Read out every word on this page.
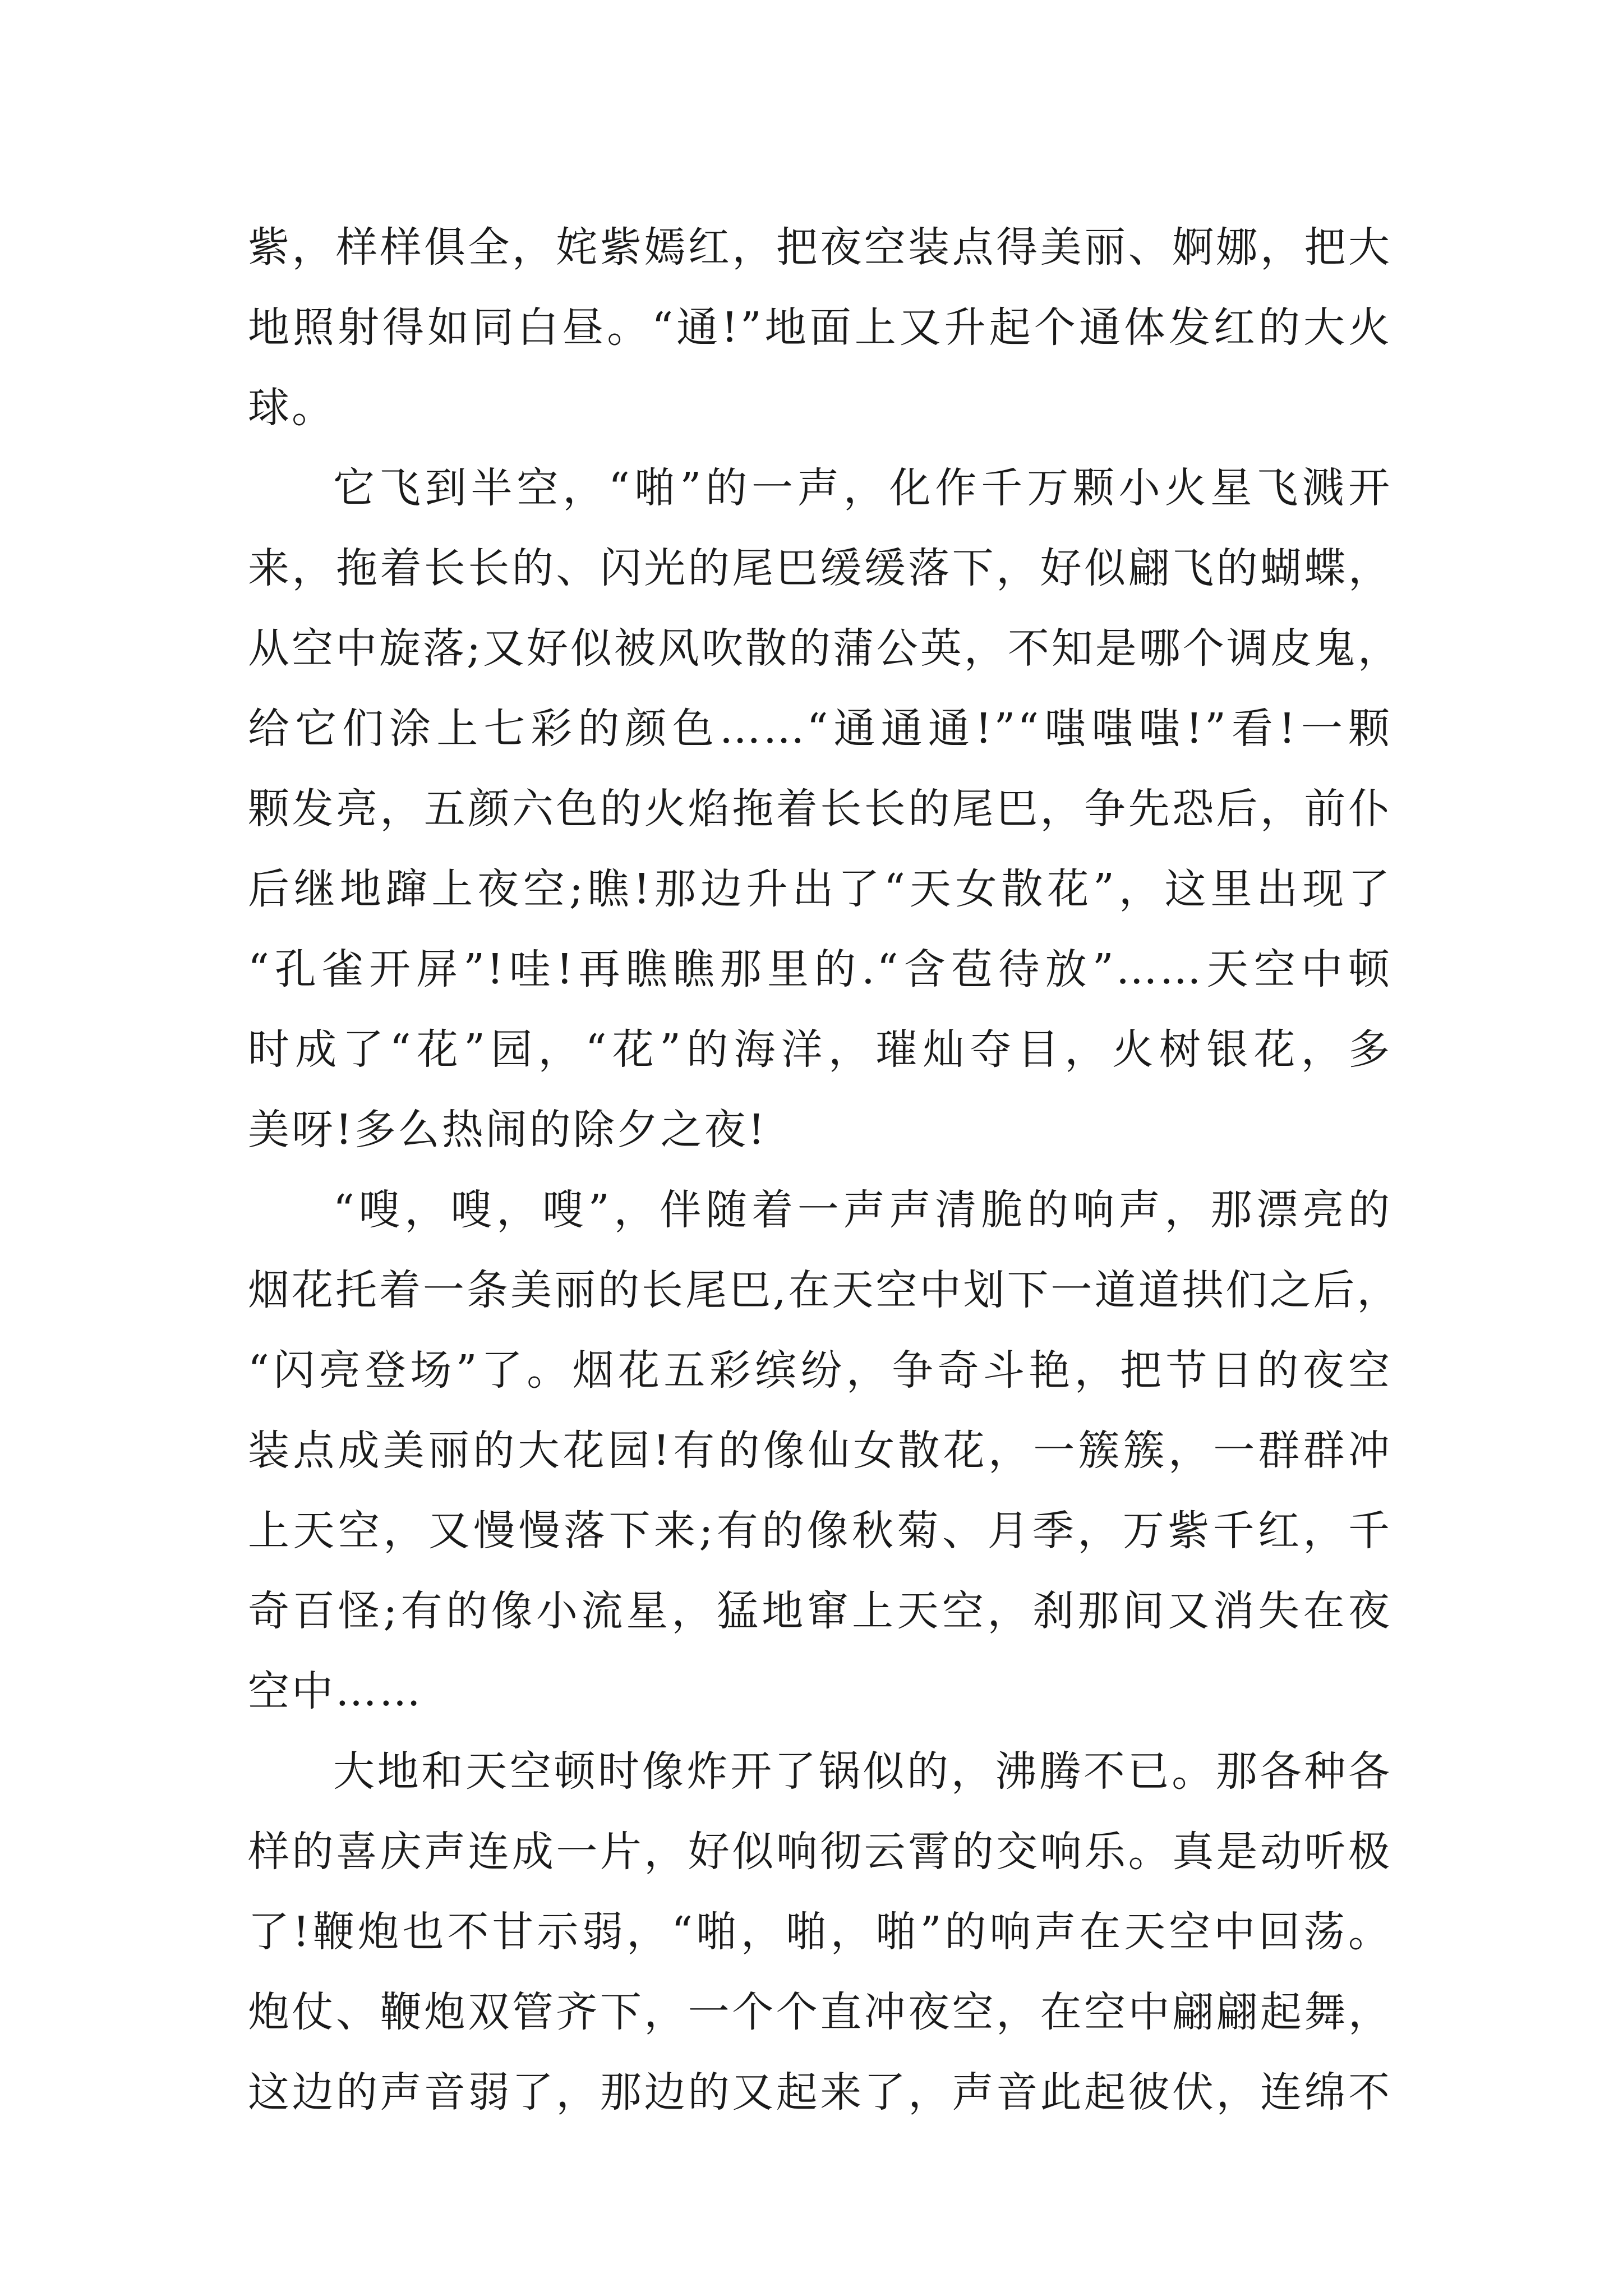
紫，样样俱全，姹紫嫣红，把夜空装点得美丽、婀娜，把大
地照射得如同白昼。“通!”地面上又升起个通体发红的大火
球。
它飞到半空，“啪”的一声，化作千万颗小火星飞溅开
来，拖着长长的、闪光的尾巴缓缓落下，好似翩飞的蝴蝶，
从空中旋落;又好似被风吹散的蒲公英，不知是哪个调皮鬼，
给它们涂上七彩的颜色……“通通通!”“嗤嗤嗤!”看!一颗
颗发亮，五颜六色的火焰拖着长长的尾巴，争先恐后，前仆
后继地蹿上夜空;瞧!那边升出了“天女散花”，这里出现了
“孔雀开屏”!哇!再瞧瞧那里的.“含苞待放”……天空中顿
时成了“花”园，“花”的海洋，璀灿夺目，火树银花，多
美呀!多么热闹的除夕之夜!
“嗖，嗖，嗖”，伴随着一声声清脆的响声，那漂亮的
烟花托着一条美丽的长尾巴,在天空中划下一道道拱们之后，
“闪亮登场”了。烟花五彩缤纷，争奇斗艳，把节日的夜空
装点成美丽的大花园!有的像仙女散花，一簇簇，一群群冲
上天空，又慢慢落下来;有的像秋菊、月季，万紫千红，千
奇百怪;有的像小流星，猛地窜上天空，刹那间又消失在夜
空中……
大地和天空顿时像炸开了锅似的，沸腾不已。那各种各
样的喜庆声连成一片，好似响彻云霄的交响乐。真是动听极
了!鞭炮也不甘示弱，“啪，啪，啪”的响声在天空中回荡。
炮仗、鞭炮双管齐下，一个个直冲夜空，在空中翩翩起舞，
这边的声音弱了，那边的又起来了，声音此起彼伏，连绵不
